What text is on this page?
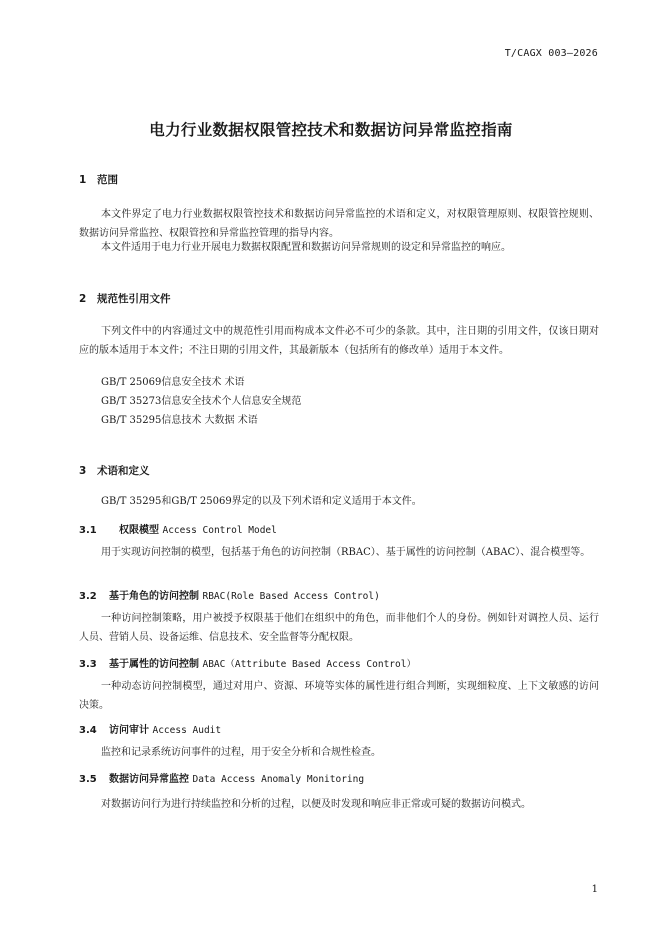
T/CAGX 003—2026
电力行业数据权限管控技术和数据访问异常监控指南
1 范围
本文件界定了电力行业数据权限管控技术和数据访问异常监控的术语和定义，对权限管理原则、权限管控规则、数据访问异常监控、权限管控和异常监控管理的指导内容。
本文件适用于电力行业开展电力数据权限配置和数据访问异常规则的设定和异常监控的响应。
2 规范性引用文件
下列文件中的内容通过文中的规范性引用而构成本文件必不可少的条款。其中，注日期的引用文件，仅该日期对应的版本适用于本文件；不注日期的引用文件，其最新版本（包括所有的修改单）适用于本文件。
GB/T 25069信息安全技术 术语
GB/T 35273信息安全技术个人信息安全规范
GB/T 35295信息技术 大数据 术语
3 术语和定义
GB/T 35295和GB/T 25069界定的以及下列术语和定义适用于本文件。
3.1 权限模型 Access Control Model
用于实现访问控制的模型，包括基于角色的访问控制（RBAC）、基于属性的访问控制（ABAC）、混合模型等。
3.2 基于角色的访问控制 RBAC(Role Based Access Control)
一种访问控制策略，用户被授予权限基于他们在组织中的角色，而非他们个人的身份。例如针对调控人员、运行人员、营销人员、设备运维、信息技术、安全监督等分配权限。
3.3 基于属性的访问控制 ABAC（Attribute Based Access Control）
一种动态访问控制模型，通过对用户、资源、环境等实体的属性进行组合判断，实现细粒度、上下文敏感的访问决策。
3.4 访问审计 Access Audit
监控和记录系统访问事件的过程，用于安全分析和合规性检查。
3.5 数据访问异常监控 Data Access Anomaly Monitoring
对数据访问行为进行持续监控和分析的过程，以便及时发现和响应非正常或可疑的数据访问模式。
1
